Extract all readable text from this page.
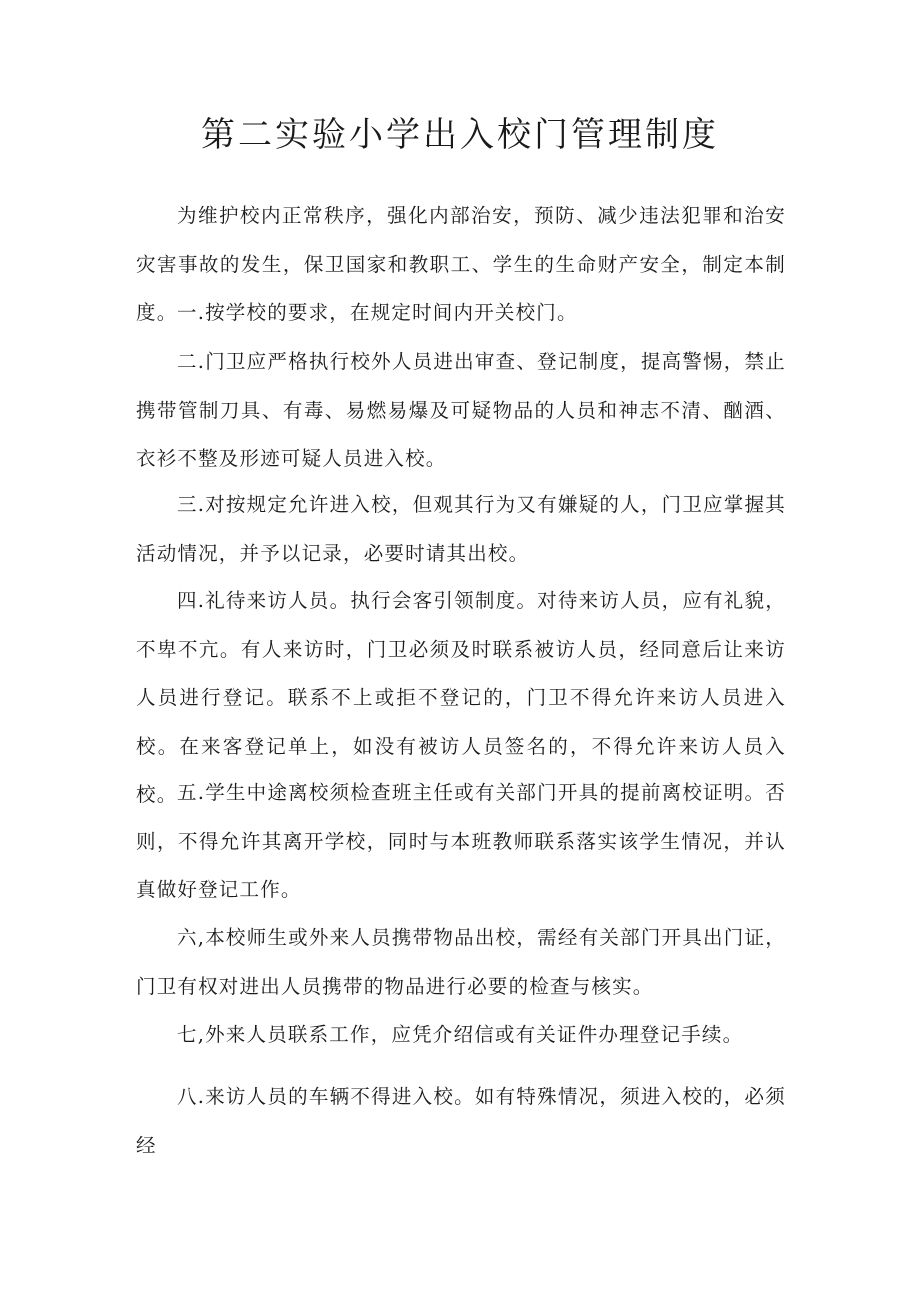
第二实验小学出入校门管理制度

为维护校内正常秩序，强化内部治安，预防、减少违法犯罪和治安灾害事故的发生，保卫国家和教职工、学生的生命财产安全，制定本制度。 一.按学校的要求，在规定时间内开关校门。

二.门卫应严格执行校外人员进出审查、登记制度，提高警惕，禁止携带管制刀具、有毒、易燃易爆及可疑物品的人员和神志不清、酗酒、衣衫不整及形迹可疑人员进入校。

三.对按规定允许进入校，但观其行为又有嫌疑的人，门卫应掌握其活动情况，并予以记录，必要时请其出校。

四.礼待来访人员。执行会客引领制度。对待来访人员，应有礼貌，不卑不亢。有人来访时，门卫必须及时联系被访人员，经同意后让来访人员进行登记。联系不上或拒不登记的，门卫不得允许来访人员进入校。在来客登记单上，如没有被访人员签名的，不得允许来访人员入校。 五.学生中途离校须检查班主任或有关部门开具的提前离校证明。否则，不得允许其离开学校，同时与本班教师联系落实该学生情况，并认真做好登记工作。

六,本校师生或外来人员携带物品出校，需经有关部门开具出门证，门卫有权对进出人员携带的物品进行必要的检查与核实。

七,外来人员联系工作，应凭介绍信或有关证件办理登记手续。

八.来访人员的车辆不得进入校。如有特殊情况，须进入校的，必须经
